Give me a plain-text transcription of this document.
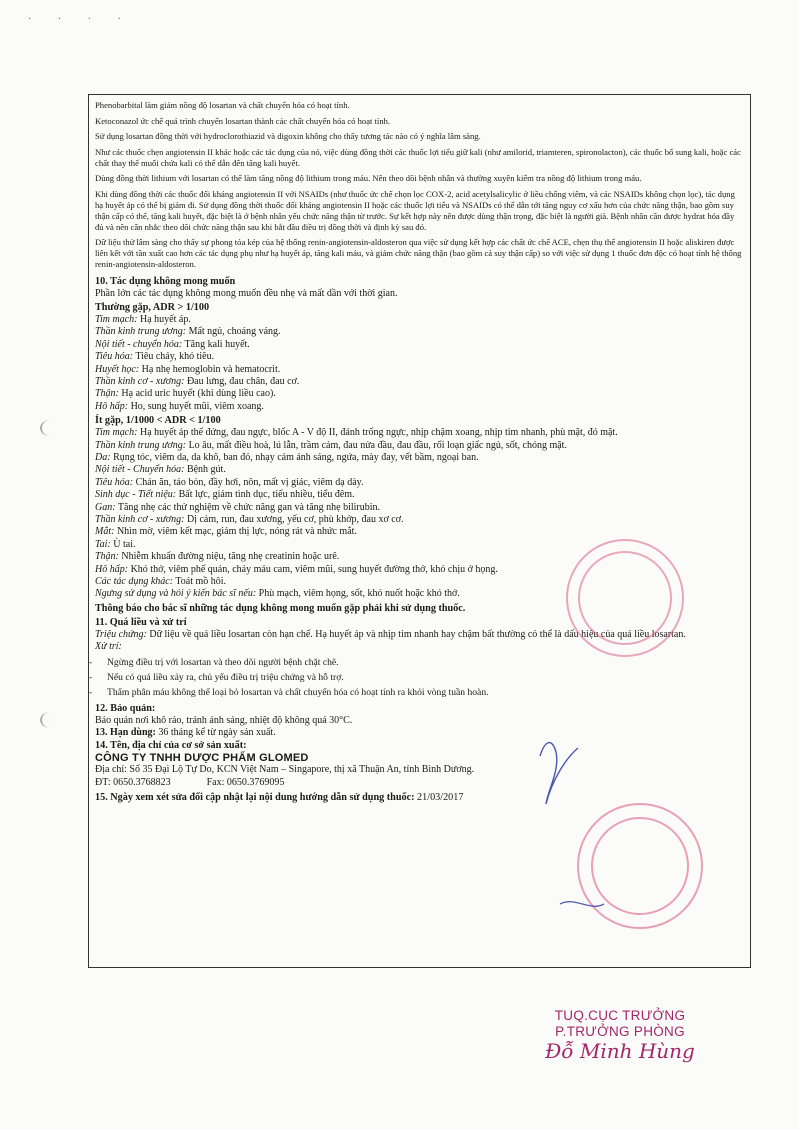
· · · ·

Phenobarbital làm giảm nồng độ losartan và chất chuyển hóa có hoạt tính.

Ketoconazol ức chế quá trình chuyển losartan thành các chất chuyển hóa có hoạt tính.

Sử dụng losartan đồng thời với hydroclorothiazid và digoxin không cho thấy tương tác nào có ý nghĩa lâm sàng.

Như các thuốc chẹn angiotensin II khác hoặc các tác dụng của nó, việc dùng đồng thời các thuốc lợi tiểu giữ kali (như amilorid, triamteren, spironolacton), các thuốc bổ sung kali, hoặc các chất thay thế muối chứa kali có thể dẫn đến tăng kali huyết.

Dùng đồng thời lithium với losartan có thể làm tăng nồng độ lithium trong máu. Nên theo dõi bệnh nhân và thường xuyên kiểm tra nồng độ lithium trong máu.

Khi dùng đồng thời các thuốc đối kháng angiotensin II với NSAIDs (như thuốc ức chế chọn lọc COX-2, acid acetylsalicylic ở liều chống viêm, và các NSAIDs không chọn lọc), tác dụng hạ huyết áp có thể bị giảm đi. Sử dụng đồng thời thuốc đối kháng angiotensin II hoặc các thuốc lợi tiểu và NSAIDs có thể dẫn tới tăng nguy cơ xấu hơn của chức năng thận, bao gồm suy thận cấp có thể, tăng kali huyết, đặc biệt là ở bệnh nhân yếu chức năng thận từ trước. Sự kết hợp này nên được dùng thận trọng, đặc biệt là người già. Bệnh nhân cần được hydrat hóa đầy đủ và nên cân nhắc theo dõi chức năng thận sau khi bắt đầu điều trị đồng thời và định kỳ sau đó.

Dữ liệu thử lâm sàng cho thấy sự phong tỏa kép của hệ thống renin-angiotensin-aldosteron qua việc sử dụng kết hợp các chất ức chế ACE, chẹn thụ thể angiotensin II hoặc aliskiren được liên kết với tần xuất cao hơn các tác dụng phụ như hạ huyết áp, tăng kali máu, và giảm chức năng thận (bao gồm cả suy thận cấp) so với việc sử dụng 1 thuốc đơn độc có hoạt tính hệ thống renin-angiotensin-aldosteron.

10. Tác dụng không mong muốn

Phần lớn các tác dụng không mong muốn đều nhẹ và mất dần với thời gian.

Thường gặp, ADR > 1/100

Tim mạch: Hạ huyết áp.

Thần kinh trung ương: Mất ngủ, choáng váng.

Nội tiết - chuyển hóa: Tăng kali huyết.

Tiêu hóa: Tiêu chảy, khó tiêu.

Huyết học: Hạ nhẹ hemoglobin và hematocrit.

Thần kinh cơ - xương: Đau lưng, đau chân, đau cơ.

Thận: Hạ acid uric huyết (khi dùng liều cao).

Hô hấp: Ho, sung huyết mũi, viêm xoang.

Ít gặp, 1/1000 < ADR < 1/100

Tim mạch: Hạ huyết áp thế đứng, đau ngực, blốc A - V độ II, đánh trống ngực, nhịp chậm xoang, nhịp tim nhanh, phù mặt, đỏ mặt.

Thần kinh trung ương: Lo âu, mất điều hoà, lú lẫn, trầm cảm, đau nửa đầu, đau đầu, rối loạn giấc ngủ, sốt, chóng mặt.

Da: Rụng tóc, viêm da, da khô, ban đỏ, nhạy cảm ánh sáng, ngứa, mày đay, vết bầm, ngoại ban.

Nội tiết - Chuyển hóa: Bệnh gút.

Tiêu hóa: Chán ăn, táo bón, đầy hơi, nôn, mất vị giác, viêm dạ dày.

Sinh dục - Tiết niệu: Bất lực, giảm tình dục, tiểu nhiều, tiểu đêm.

Gan: Tăng nhẹ các thử nghiệm về chức năng gan và tăng nhẹ bilirubin.

Thần kinh cơ - xương: Dị cảm, run, đau xương, yếu cơ, phù khớp, đau xơ cơ.

Mắt: Nhìn mờ, viêm kết mạc, giảm thị lực, nóng rát và nhức mắt.

Tai: Ù tai.

Thận: Nhiễm khuẩn đường niệu, tăng nhẹ creatinin hoặc urê.

Hô hấp: Khó thở, viêm phế quản, chảy máu cam, viêm mũi, sung huyết đường thở, khó chịu ở họng.

Các tác dụng khác: Toát mồ hôi.

Ngưng sử dụng và hỏi ý kiến bác sĩ nếu: Phù mạch, viêm họng, sốt, khó nuốt hoặc khó thở.

Thông báo cho bác sĩ những tác dụng không mong muốn gặp phải khi sử dụng thuốc.

11. Quá liều và xử trí

Triệu chứng: Dữ liệu về quá liều losartan còn hạn chế. Hạ huyết áp và nhịp tim nhanh hay chậm bất thường có thể là dấu hiệu của quá liều losartan.

Xử trí:

- Ngừng điều trị với losartan và theo dõi người bệnh chặt chẽ.

- Nếu có quá liều xảy ra, chủ yếu điều trị triệu chứng và hỗ trợ.

- Thẩm phân máu không thể loại bỏ losartan và chất chuyển hóa có hoạt tính ra khỏi vòng tuần hoàn.

12. Bảo quản:

Bảo quản nơi khô ráo, tránh ánh sáng, nhiệt độ không quá 30°C.

13. Hạn dùng: 36 tháng kể từ ngày sản xuất.

14. Tên, địa chỉ của cơ sở sản xuất:

CÔNG TY TNHH DƯỢC PHẨM GLOMED

Địa chỉ: Số 35 Đại Lộ Tự Do, KCN Việt Nam – Singapore, thị xã Thuận An, tỉnh Bình Dương.

ĐT: 0650.3768823	Fax: 0650.3769095

15. Ngày xem xét sửa đổi cập nhật lại nội dung hướng dẫn sử dụng thuốc: 21/03/2017

TUQ.CỤC TRƯỞNG
P.TRƯỞNG PHÒNG
Đỗ Minh Hùng
